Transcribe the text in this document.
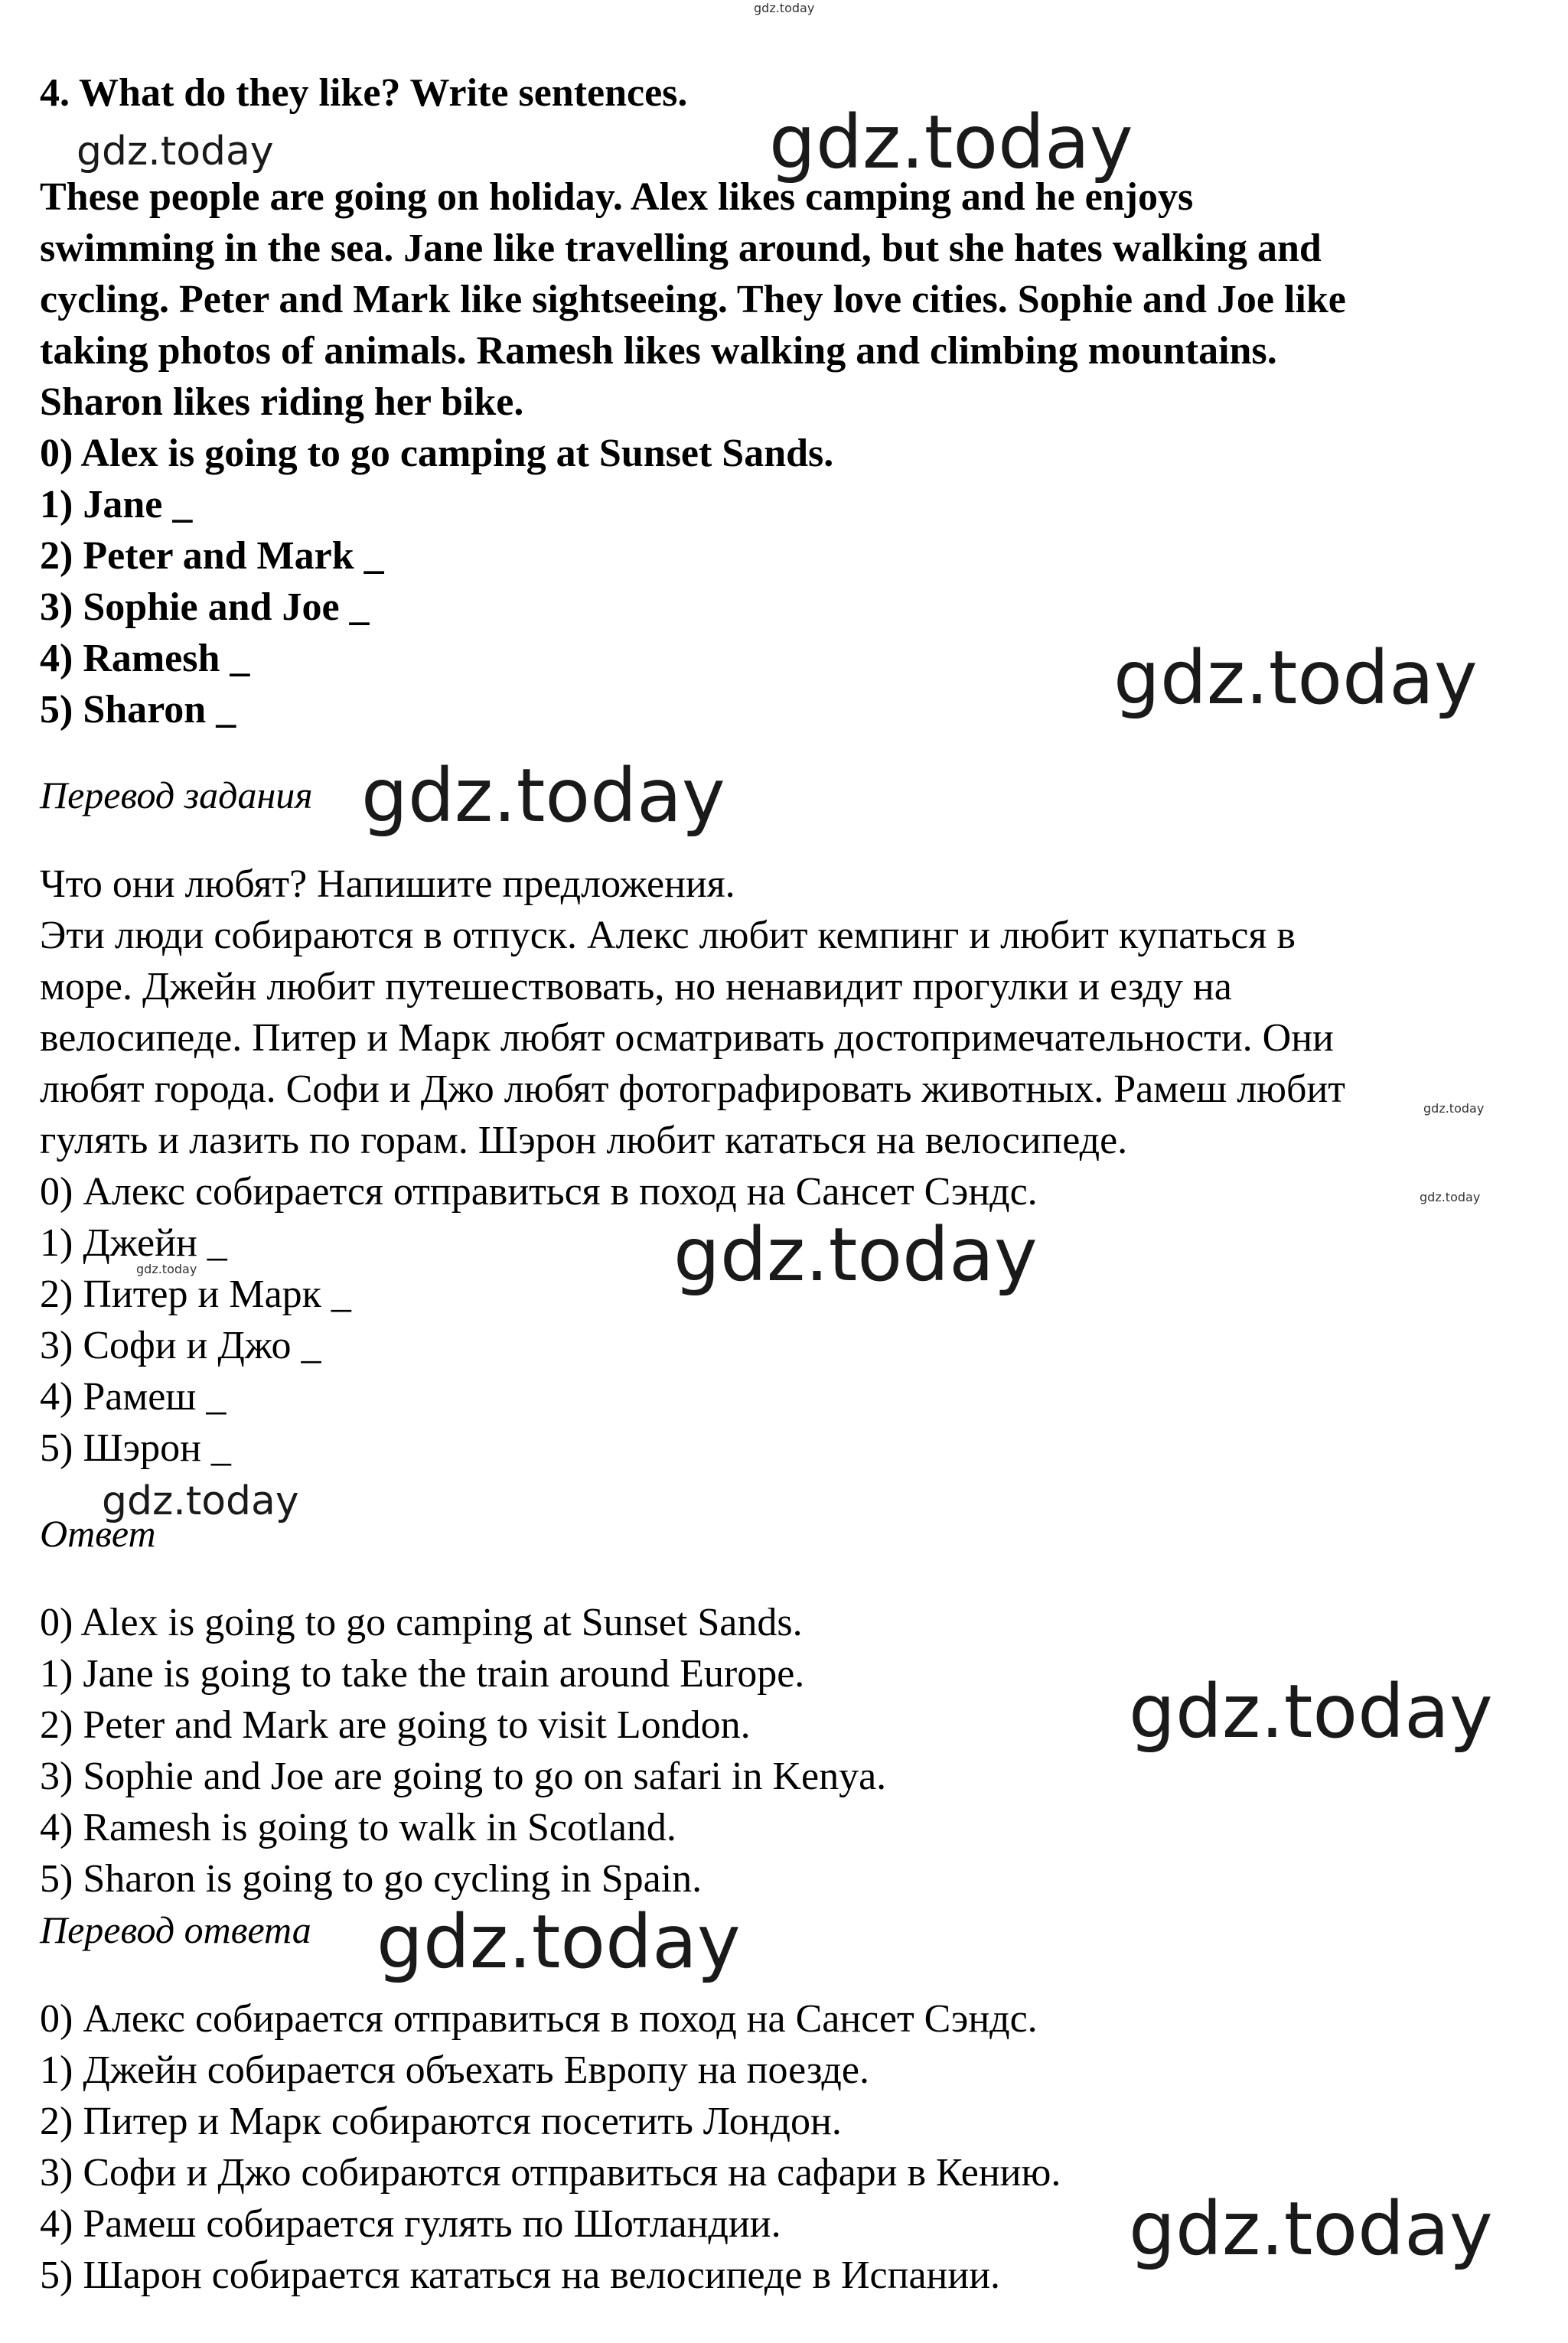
4. What do they like? Write sentences.

These people are going on holiday. Alex likes camping and he enjoys

swimming in the sea. Jane like travelling around, but she hates walking and

cycling. Peter and Mark like sightseeing. They love cities. Sophie and Joe like

taking photos of animals. Ramesh likes walking and climbing mountains.

Sharon likes riding her bike.

0) Alex is going to go camping at Sunset Sands.

1) Jane _

2) Peter and Mark _

3) Sophie and Joe _

4) Ramesh _

5) Sharon _

Перевод задания

Что они любят? Напишите предложения.

Эти люди собираются в отпуск. Алекс любит кемпинг и любит купаться в

море. Джейн любит путешествовать, но ненавидит прогулки и езду на

велосипеде. Питер и Марк любят осматривать достопримечательности. Они

любят города. Софи и Джо любят фотографировать животных. Рамеш любит

гулять и лазить по горам. Шэрон любит кататься на велосипеде.

0) Алекс собирается отправиться в поход на Сансет Сэндс.

1) Джейн _

2) Питер и Марк _

3) Софи и Джо _

4) Рамеш _

5) Шэрон _

Ответ

0) Alex is going to go camping at Sunset Sands.

1) Jane is going to take the train around Europe.

2) Peter and Mark are going to visit London.

3) Sophie and Joe are going to go on safari in Kenya.

4) Ramesh is going to walk in Scotland.

5) Sharon is going to go cycling in Spain.

Перевод ответа

0) Алекс собирается отправиться в поход на Сансет Сэндс.

1) Джейн собирается объехать Европу на поезде.

2) Питер и Марк собираются посетить Лондон.

3) Софи и Джо собираются отправиться на сафари в Кению.

4) Рамеш собирается гулять по Шотландии.

5) Шарон собирается кататься на велосипеде в Испании.

gdz.today
gdz.today	gdz.today
gdz.today
gdz.today
gdz.today
gdz.today
gdz.today
gdz.today
gdz.today
gdz.today
gdz.today
gdz.today
